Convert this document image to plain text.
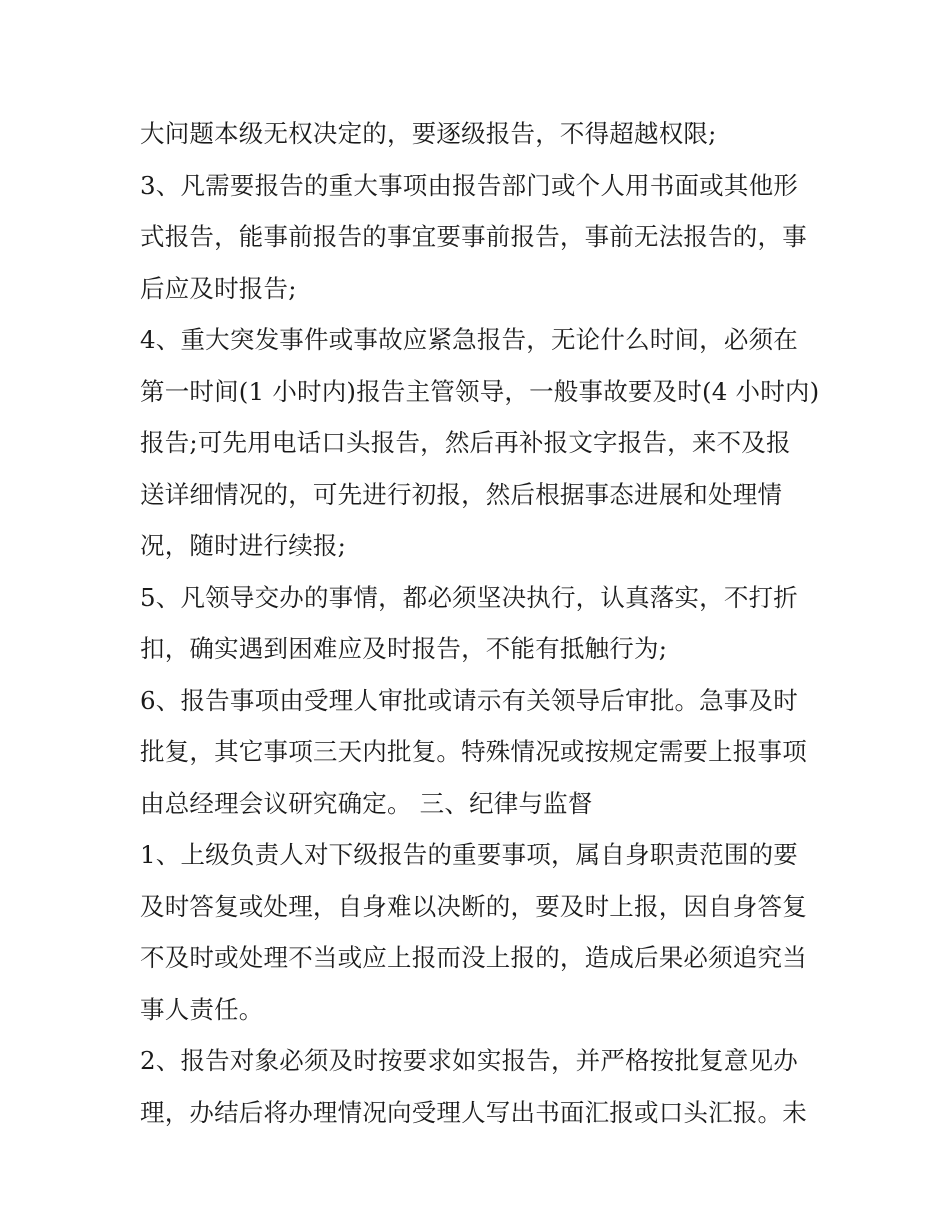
大问题本级无权决定的，要逐级报告，不得超越权限;
3、凡需要报告的重大事项由报告部门或个人用书面或其他形
式报告，能事前报告的事宜要事前报告，事前无法报告的，事
后应及时报告;
4、重大突发事件或事故应紧急报告，无论什么时间，必须在
第一时间(1 小时内)报告主管领导，一般事故要及时(4 小时内)
报告;可先用电话口头报告，然后再补报文字报告，来不及报
送详细情况的，可先进行初报，然后根据事态进展和处理情
况，随时进行续报;
5、凡领导交办的事情，都必须坚决执行，认真落实，不打折
扣，确实遇到困难应及时报告，不能有抵触行为;
6、报告事项由受理人审批或请示有关领导后审批。急事及时
批复，其它事项三天内批复。特殊情况或按规定需要上报事项
由总经理会议研究确定。 三、纪律与监督
1、上级负责人对下级报告的重要事项，属自身职责范围的要
及时答复或处理，自身难以决断的，要及时上报，因自身答复
不及时或处理不当或应上报而没上报的，造成后果必须追究当
事人责任。
2、报告对象必须及时按要求如实报告，并严格按批复意见办
理，办结后将办理情况向受理人写出书面汇报或口头汇报。未
